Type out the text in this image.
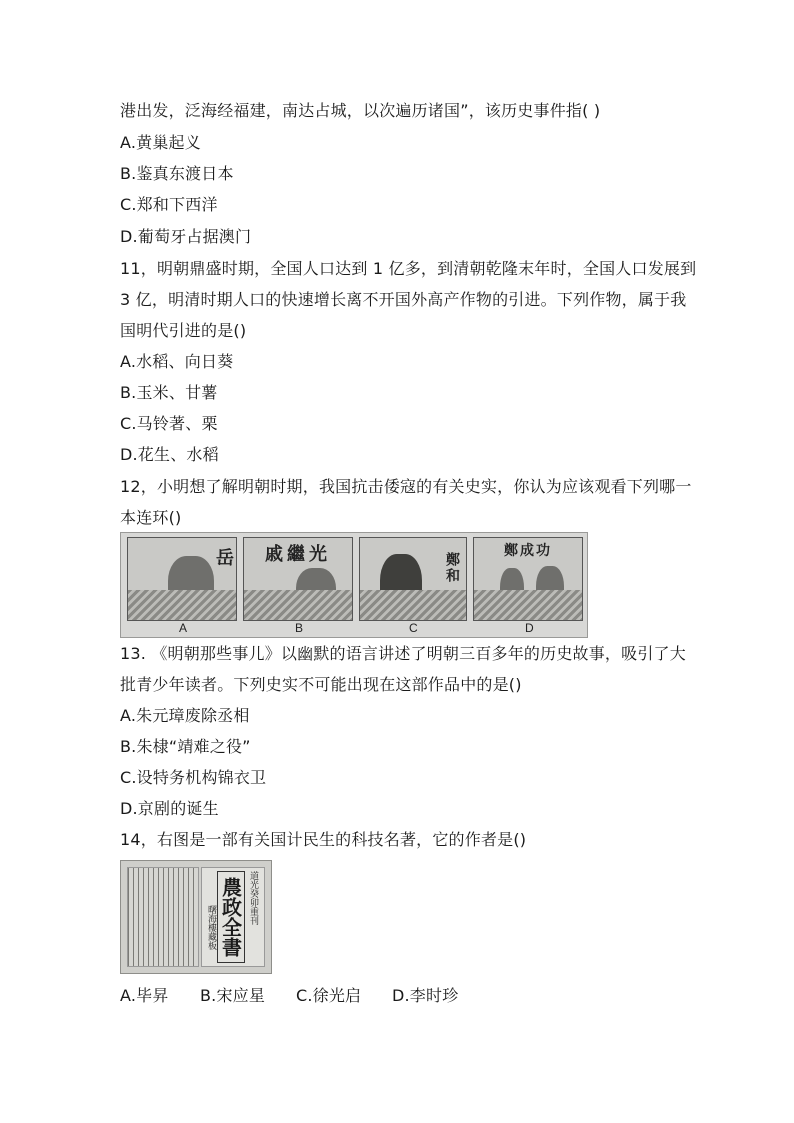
港出发，泛海经福建，南达占城，以次遍历诸国”，该历史事件指( )
A.黄巢起义
B.鉴真东渡日本
C.郑和下西洋
D.葡萄牙占据澳门
11，明朝鼎盛时期，全国人口达到 1 亿多，到清朝乾隆末年时，全国人口发展到
3 亿，明清时期人口的快速增长离不开国外高产作物的引进。下列作物，属于我
国明代引进的是()
A.水稻、向日葵
B.玉米、甘薯
C.马铃著、栗
D.花生、水稻
12，小明想了解明朝时期，我国抗击倭寇的有关史实，你认为应该观看下列哪一
本连环()
岳	戚繼光	鄭和
鄭成功
A	B	C	D
13. 《明朝那些事儿》以幽默的语言讲述了明朝三百多年的历史故事，吸引了大
批青少年读者。下列史实不可能出现在这部作品中的是()
A.朱元璋废除丞相
B.朱棣“靖难之役”
C.设特务机构锦衣卫
D.京剧的诞生
14，右图是一部有关国计民生的科技名著，它的作者是()
農政全書 道光癸卯重刊
曙海樓藏板
A.毕昇	B.宋应星	C.徐光启	D.李时珍
